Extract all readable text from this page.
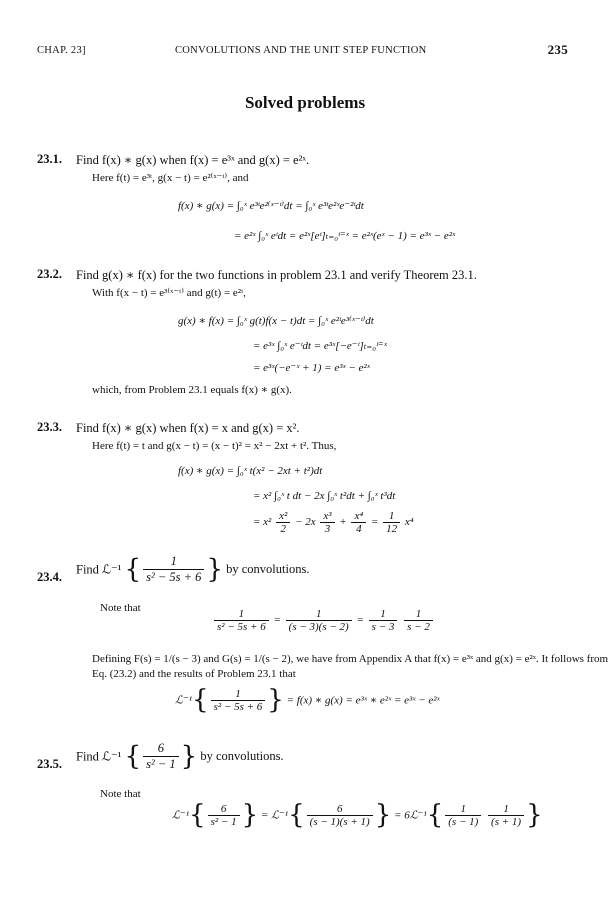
CHAP. 23]	CONVOLUTIONS AND THE UNIT STEP FUNCTION	235
Solved problems
23.1. Find f(x) ∗ g(x) when f(x) = e³ˣ and g(x) = e²ˣ.
Here f(t) = e³ᵗ, g(x − t) = e²⁽ˣ⁻ᵗ⁾, and
f(x) ∗ g(x) = ∫₀ˣ e³ᵗe²⁽ˣ⁻ᵗ⁾dt = ∫₀ˣ e³ᵗe²ˣe⁻²ᵗdt
= e²ˣ ∫₀ˣ eᵗdt = e²ˣ[eᵗ]ₜ₌₀ᵗ⁼ˣ = e²ˣ(eˣ − 1) = e³ˣ − e²ˣ
23.2. Find g(x) ∗ f(x) for the two functions in problem 23.1 and verify Theorem 23.1.
With f(x − t) = e³⁽ˣ⁻ᵗ⁾ and g(t) = e²ᵗ,
g(x) ∗ f(x) = ∫₀ˣ g(t)f(x − t)dt = ∫₀ˣ e²ᵗe³⁽ˣ⁻ᵗ⁾dt
= e³ˣ ∫₀ˣ e⁻ᵗdt = e³ˣ[−e⁻ᵗ]ₜ₌₀ᵗ⁼ˣ
= e³ˣ(−e⁻ˣ + 1) = e³ˣ − e²ˣ
which, from Problem 23.1 equals f(x) ∗ g(x).
23.3. Find f(x) ∗ g(x) when f(x) = x and g(x) = x².
Here f(t) = t and g(x − t) = (x − t)² = x² − 2xt + t². Thus,
f(x) ∗ g(x) = ∫₀ˣ t(x² − 2xt + t²)dt
= x² ∫₀ˣ t dt − 2x ∫₀ˣ t²dt + ∫₀ˣ t³dt
= $x^2 \frac{\text{x²}}{2} - 2x \frac{\text{x³}}{3} + \frac{\text{x⁴}}{4} = \frac{1}{12} x^4$
23.4.
Find ℒ⁻¹ { $\frac{1}{\text{s² − 5s + 6}}$ } by convolutions.
Note that	$\frac{1}{\text{s² − 5s + 6}} = \frac{1}{(s - 3)(s - 2)} = \frac{1}{s - 3}$
$\frac{1}{s - 2}$
Defining F(s) = 1/(s − 3) and G(s) = 1/(s − 2), we have from Appendix A that f(x) = e³ˣ and g(x) = e²ˣ. It follows from
Eq. (23.2) and the results of Problem 23.1 that
ℒ⁻¹{ $\frac{1}{\text{s² − 5s + 6}}$ } = f(x) ∗ g(x) = e³ˣ ∗ e²ˣ = e³ˣ − e²ˣ
23.5.
Find ℒ⁻¹ { $\frac{6}{\text{s² − 1}}$ } by convolutions.
Note that
ℒ⁻¹{ $\frac{6}{\text{s² − 1}}$ } = ℒ⁻¹{ $\frac{6}{(s - 1)(s + 1)}$ } = 6ℒ⁻¹{ $\frac{1}{(s - 1)}$
$\frac{1}{(s + 1)}$ }
